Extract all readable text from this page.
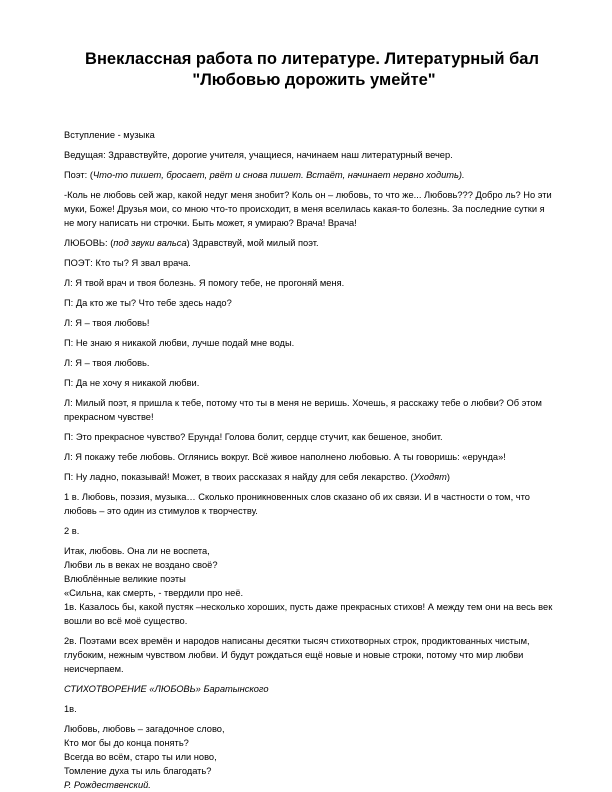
Внеклассная работа по литературе. Литературный бал
"Любовью дорожить умейте"

Вступление - музыка

Ведущая: Здравствуйте, дорогие учителя, учащиеся, начинаем наш литературный вечер.

Поэт: (Что-то пишет, бросает, рвёт и снова пишет. Встаёт, начинает нервно ходить).

-Коль не любовь сей жар, какой недуг меня знобит? Коль он – любовь, то что же... Любовь??? Добро ль? Но эти
муки, Боже! Друзья мои, со мною что-то происходит, в меня вселилась какая-то болезнь. За последние сутки я
не могу написать ни строчки. Быть может, я умираю? Врача! Врача!

ЛЮБОВЬ: (под звуки вальса) Здравствуй, мой милый поэт.

ПОЭТ: Кто ты? Я звал врача.

Л: Я твой врач и твоя болезнь. Я помогу тебе, не прогоняй меня.

П: Да кто же ты? Что тебе здесь надо?

Л: Я – твоя любовь!

П: Не знаю я никакой любви, лучше подай мне воды.

Л: Я – твоя любовь.

П: Да не хочу я никакой любви.

Л: Милый поэт, я пришла к тебе, потому что ты в меня не веришь. Хочешь, я расскажу тебе о любви? Об этом
прекрасном чувстве!

П: Это прекрасное чувство? Ерунда! Голова болит, сердце стучит, как бешеное, знобит.

Л: Я покажу тебе любовь. Оглянись вокруг. Всё живое наполнено любовью. А ты говоришь: «ерунда»!

П: Ну ладно, показывай! Может, в твоих рассказах я найду для себя лекарство. (Уходят)

1 в. Любовь, поэзия, музыка… Сколько проникновенных слов сказано об их связи. И в частности о том, что
любовь – это один из стимулов к творчеству.

2 в.

Итак, любовь. Она ли не воспета,
Любви ль в веках не воздано своё?
Влюблённые великие поэты
«Сильна, как смерть, - твердили про неё.
1в. Казалось бы, какой пустяк –несколько хороших, пусть даже прекрасных стихов! А между тем они на весь век
вошли во всё моё существо.

2в. Поэтами всех времён и народов написаны десятки тысяч стихотворных строк, продиктованных чистым,
глубоким, нежным чувством любви. И будут рождаться ещё новые и новые строки, потому что мир любви
неисчерпаем.

СТИХОТВОРЕНИЕ «ЛЮБОВЬ» Баратынского

1в.

Любовь, любовь – загадочное слово,
Кто мог бы до конца понять?
Всегда во всём, старо ты или ново,
Томление духа ты иль благодать?
Р. Рождественский.
